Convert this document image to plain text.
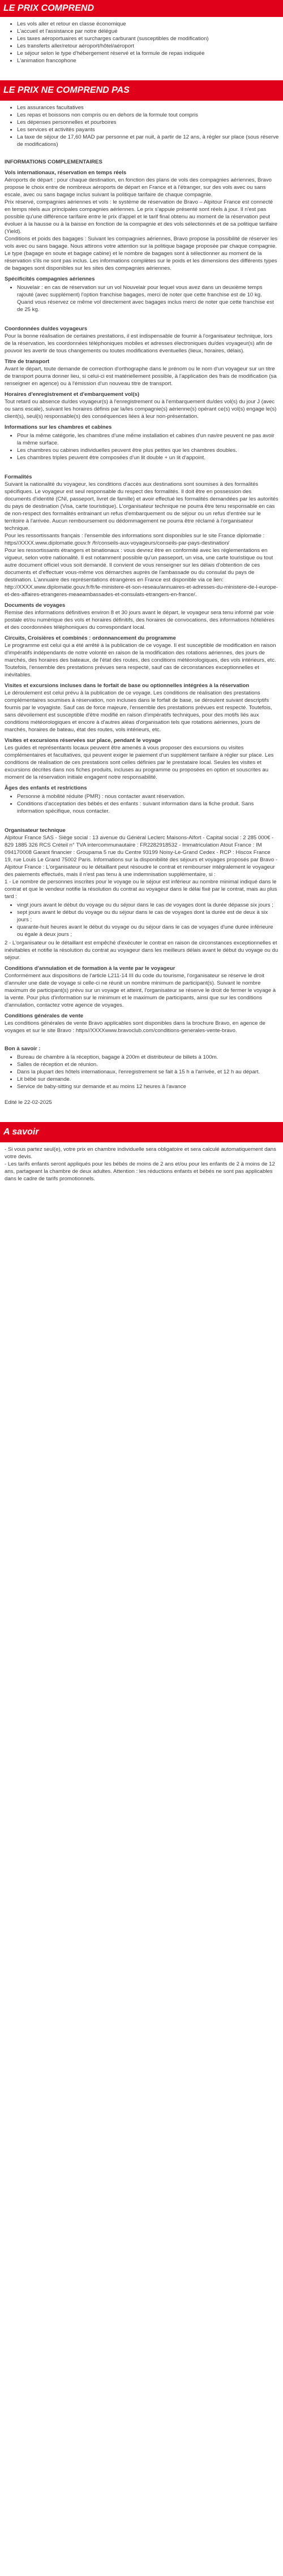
LE PRIX COMPREND
• Les vols aller et retour en classe économique
• L'accueil et l'assistance par notre délégué
• Les taxes aéroportuaires et surcharges carburant (susceptibles de modification)
• Les transferts aller/retour aéroport/hôtel/aéroport
• Le séjour selon le type d'hébergement réservé et la formule de repas indiquée
• L'animation francophone
LE PRIX NE COMPREND PAS
• Les assurances facultatives
• Les repas et boissons non compris ou en dehors de la formule tout compris
• Les dépenses personnelles et pourboires
• Les services et activités payants
• La taxe de séjour de 17,60 MAD par personne et par nuit, à partir de 12 ans, à régler sur place (sous réserve de modifications)

INFORMATIONS COMPLEMENTAIRES

Vols internationaux, réservation en temps réels

Aéroports de départ : pour chaque destination, en fonction des plans de vols des compagnies aériennes, Bravo propose le choix entre de nombreux aéroports de départ en France et à l'étranger, sur des vols avec ou sans escale, avec ou sans bagage inclus suivant la politique tarifaire de chaque compagnie.

Prix réservé, compagnies aériennes et vols : le système de réservation de Bravo – Alpitour France est connecté en temps réels aux principales compagnies aériennes. Le prix s'appuie présenté sont réels à jour. Il n'est pas possible qu'une différence tarifaire entre le prix d'appel et le tarif final obtenu au moment de la réservation peut évoluer à la hausse ou à la baisse en fonction de la compagnie et des vols sélectionnés et de sa politique tarifaire (Yield).

Conditions et poids des bagages : Suivant les compagnies aériennes, Bravo propose la possibilité de réserver les vols avec ou sans bagage. Nous attirons votre attention sur la politique bagage proposée par chaque compagnie. Le type (bagage en soute et bagage cabine) et le nombre de bagages sont à sélectionner au moment de la réservation s'ils ne sont pas inclus. Les informations complètes sur le poids et les dimensions des différents types de bagages sont disponibles sur les sites des compagnies aériennes.

Spécificités compagnies aériennes

• Nouvelair : en cas de réservation sur un vol Nouvelair pour lequel vous avez dans un deuxième temps rajouté (avec supplément) l'option franchise bagages, merci de noter que cette franchise est de 10 kg. Quand vous réservez ce même vol directement avec bagages inclus merci de noter que cette franchise est de 25 kg.

Coordonnées du/des voyageurs

Pour la bonne réalisation de certaines prestations, il est indispensable de fournir à l'organisateur technique, lors de la réservation, les coordonnées téléphoniques mobiles et adresses électroniques du/des voyageur(s) afin de pouvoir les avertir de tous changements ou toutes modifications éventuelles (lieux, horaires, délais).

Titre de transport

Avant le départ, toute demande de correction d'orthographe dans le prénom ou le nom d'un voyageur sur un titre de transport pourra donner lieu, si celui-ci est matériellement possible, à l'application des frais de modification (sa renseigner en agence) ou à l'émission d'un nouveau titre de transport.

Horaires d'enregistrement et d'embarquement vol(s)

Tout retard ou absence du/des voyageur(s) à l'enregistrement ou à l'embarquement du/des vol(s) du jour J (avec ou sans escale), suivant les horaires définis par la/les compagnie(s) aérienne(s) opérant ce(s) vol(s) engage le(s) client(s), seul(s) responsable(s) des conséquences liées à leur non-présentation.

Informations sur les chambres et cabines

• Pour la même catégorie, les chambres d'une même installation et cabines d'un navire peuvent ne pas avoir la même surface.
• Les chambres ou cabines individuelles peuvent être plus petites que les chambres doubles.
• Les chambres triples peuvent être composées d'un lit double + un lit d'appoint.

Formalités

Suivant la nationalité du voyageur, les conditions d'accès aux destinations sont soumises à des formalités spécifiques. Le voyageur est seul responsable du respect des formalités. Il doit être en possession des documents d'identité (CNI, passeport, livret de famille) et avoir effectué les formalités demandées par les autorités du pays de destination (Visa, carte touristique). L'organisateur technique ne pourra être tenu responsable en cas de non-respect des formalités entrainant un refus d'embarquement ou de séjour ou un refus d'entrée sur le territoire à l'arrivée. Aucun remboursement ou dédommagement ne pourra être réclamé à l'organisateur technique.

Pour les ressortissants français : l'ensemble des informations sont disponibles sur le site France diplomatie : https//XXXX.www.diplomatie.gouv.fr /fr/conseils-aux-voyageurs/conseils-par-pays-destination/

Pour les ressortissants étrangers et binationaux : vous devrez être en conformité avec les réglementations en vigueur, selon votre nationalité. Il est notamment possible qu'un passeport, un visa, une carte touristique ou tout autre document officiel vous soit demandé. Il convient de vous renseigner sur les délais d'obtention de ces documents et d'effectuer vous-même vos démarches auprès de l'ambassade ou du consulat du pays de destination. L'annuaire des représentations étrangères en France est disponible via ce lien: http://XXXX.www.diplomatie.gouv.fr/fr/le-ministere-et-son-reseau/annuaires-et-adresses-du-ministere-de-l-europe-et-des-affaires-etrangeres-meaeambassades-et-consulats-etrangers-en-france/.

Documents de voyages

Remise des informations définitives environ 8 et 30 jours avant le départ, le voyageur sera tenu informé par voie postale et/ou numérique des vols et horaires définitifs, des horaires de convocations, des informations hôtelières et des coordonnées téléphoniques du correspondant local.

Circuits, Croisières et combinés : ordonnancement du programme

Le programme est celui qui a été arrêté à la publication de ce voyage. Il est susceptible de modification en raison d'impératifs indépendants de notre volonté en raison de la modification des rotations aériennes, des jours de marchés, des horaires des bateaux, de l'état des routes, des conditions météorologiques, des vols intérieurs, etc. Toutefois, l'ensemble des prestations prévues sera respecté, sauf cas de circonstances exceptionnelles et inévitables.

Visites et excursions incluses dans le forfait de base ou optionnelles intégrées à la réservation

Le déroulement est celui prévu à la publication de ce voyage. Les conditions de réalisation des prestations complémentaires soumises à réservation, non incluses dans le forfait de base, se déroulent suivant descriptifs fournis par le voyagiste. Sauf cas de force majeure, l'ensemble des prestations prévues est respecté. Toutefois, sans dévoilement est susceptible d'être modifié en raison d'impératifs techniques, pour des motifs liés aux conditions météorologiques et encore à d'autres aléas d'organisation tels que rotations aériennes, jours de marchés, horaires de bateau, état des routes, vols intérieurs, etc.

Visites et excursions réservées sur place, pendant le voyage

Les guides et représentants locaux peuvent être amenés à vous proposer des excursions ou visites complémentaires et facultatives, qui peuvent exiger le paiement d'un supplément tarifaire à régler sur place. Les conditions de réalisation de ces prestations sont celles définies par le prestataire local. Seules les visites et excursions décrites dans nos fiches produits, incluses au programme ou proposées en option et souscrites au moment de la réservation initiale engagent notre responsabilité.

Âges des enfants et restrictions

• Personne à mobilité réduite (PMR) : nous contacter avant réservation.
• Conditions d'acceptation des bébés et des enfants : suivant information dans la fiche produit. Sans information spécifique, nous contacter.

Organisateur technique

Alpitour France SAS - Siège social : 13 avenue du Général Leclerc Maisons-Alfort - Capital social : 2 285 000€ - 829 1885 326 RCS Créteil n° TVA intercommunautaire : FR2282918532 - Immatriculation Atout France : IM 094170008 Garant financier : Groupama 5 rue du Centre 93199 Noisy-Le-Grand Cedex - RCP : Hiscox France 19, rue Louis Le Grand 75002 Paris. Informations sur la disponibilité des séjours et voyages proposés par Bravo - Alpitour France : L'organisateur ou le détaillant peut résoudre le contrat et rembourser intégralement le voyageur des paiements effectués, mais il n'est pas tenu à une indemnisation supplémentaire, si :

1 - Le nombre de personnes inscrites pour le voyage ou le séjour est inférieur au nombre minimal indiqué dans le contrat et que le vendeur notifie la résolution du contrat au voyageur dans le délai fixé par le contrat, mais au plus tard :

• vingt jours avant le début du voyage ou du séjour dans le cas de voyages dont la durée dépasse six jours ;
• sept jours avant le début du voyage ou du séjour dans le cas de voyages dont la durée est de deux à six jours ;
• quarante-huit heures avant le début du voyage ou du séjour dans le cas de voyages d'une durée inférieure ou égale à deux jours ;

2 - L'organisateur ou le détaillant est empêché d'exécuter le contrat en raison de circonstances exceptionnelles et inévitables et notifie la résolution du contrat au voyageur dans les meilleurs délais avant le début du voyage ou du séjour.

Conditions d'annulation et de formation à la vente par le voyageur

Conformément aux dispositions de l'article L211-14 III du code du tourisme, l'organisateur se réserve le droit d'annuler une date de voyage si celle-ci ne réunit un nombre minimum de participant(s). Suivant le nombre maximum de participant(s) prévu sur un voyage et atteint, l'organisateur se réserve le droit de fermer le voyage à la vente. Pour plus d'information sur le minimum et le maximum de participants, ainsi que sur les conditions d'annulation, contactez votre agence de voyages.

Conditions générales de vente

Les conditions générales de vente Bravo applicables sont disponibles dans la brochure Bravo, en agence de voyages et sur le site Bravo : https//XXXXwww.bravoclub.com/conditions-generales-vente-bravo.

Bon à savoir :

• Bureau de chambre à la réception, bagage à 200m et distributeur de billets à 100m.
• Salles de réception et de réunion.
• Dans la plupart des hôtels internationaux, l'enregistrement se fait à 15 h a l'arrivée, et 12 h au départ.
• Lit bébé sur demande.
• Service de baby-sitting sur demande et au moins 12 heures à l'avance

Edité le 22-02-2025

A savoir

- Si vous partez seul(e), votre prix en chambre individuelle sera obligatoire et sera calculé automatiquement dans votre devis.

- Les tarifs enfants seront appliqués pour les bébés de moins de 2 ans et/ou pour les enfants de 2 à moins de 12 ans, partageant la chambre de deux adultes. Attention : les réductions enfants et bébés ne sont pas applicables dans le cadre de tarifs promotionnels.
